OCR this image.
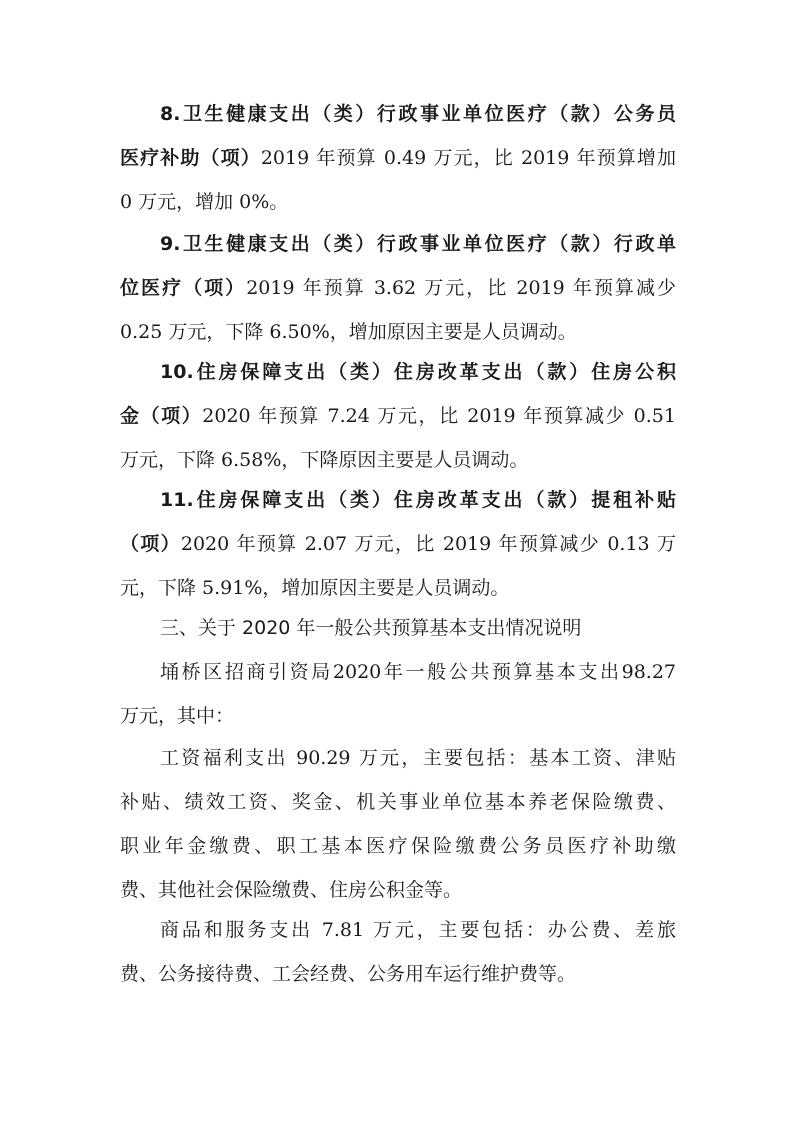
8.卫生健康支出（类）行政事业单位医疗（款）公务员
医疗补助（项）2019 年预算 0.49 万元，比 2019 年预算增加
0 万元，增加 0%。
9.卫生健康支出（类）行政事业单位医疗（款）行政单
位医疗（项）2019 年预算 3.62 万元，比 2019 年预算减少
0.25 万元，下降 6.50%，增加原因主要是人员调动。
10.住房保障支出（类）住房改革支出（款）住房公积
金（项）2020 年预算 7.24 万元，比 2019 年预算减少 0.51
万元，下降 6.58%，下降原因主要是人员调动。
11.住房保障支出（类）住房改革支出（款）提租补贴
（项）2020 年预算 2.07 万元，比 2019 年预算减少 0.13 万
元，下降 5.91%，增加原因主要是人员调动。
三、关于 2020 年一般公共预算基本支出情况说明
埇桥区招商引资局2020年一般公共预算基本支出98.27
万元，其中：
工资福利支出 90.29 万元，主要包括：基本工资、津贴
补贴、绩效工资、奖金、机关事业单位基本养老保险缴费、
职业年金缴费、职工基本医疗保险缴费公务员医疗补助缴
费、其他社会保险缴费、住房公积金等。
商品和服务支出 7.81 万元，主要包括：办公费、差旅
费、公务接待费、工会经费、公务用车运行维护费等。
